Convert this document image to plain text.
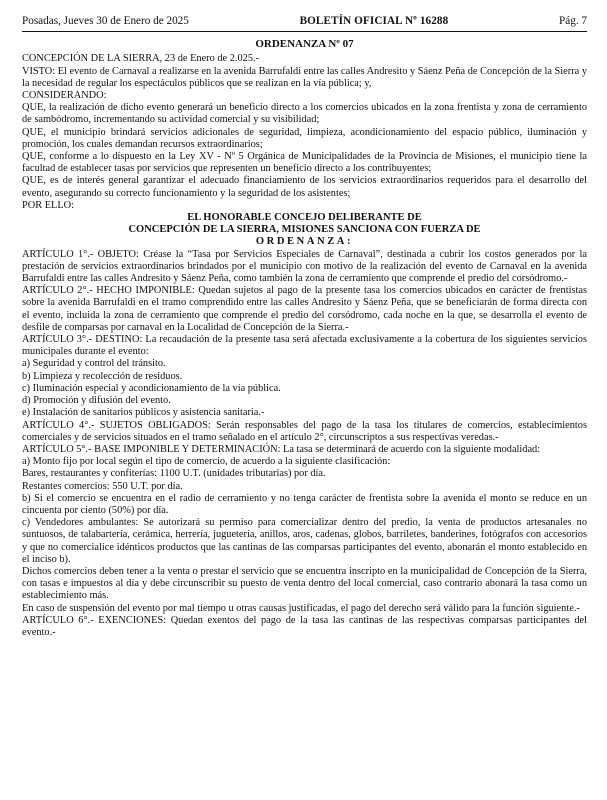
Posadas, Jueves 30 de Enero de 2025	BOLETÍN OFICIAL Nº 16288	Pág. 7
ORDENANZA Nº 07

CONCEPCIÓN DE LA SIERRA, 23 de Enero de 2.025.-

VISTO: El evento de Carnaval a realizarse en la avenida Barrufaldi entre las calles Andresito y Sáenz Peña de Concepción de la Sierra y la necesidad de regular los espectáculos públicos que se realizan en la vía pública; y,

CONSIDERANDO:

QUE, la realización de dicho evento generará un beneficio directo a los comercios ubicados en la zona frentista y zona de cerramiento de sambódromo, incrementando su actividad comercial y su visibilidad;

QUE, el municipio brindará servicios adicionales de seguridad, limpieza, acondicionamiento del espacio público, iluminación y promoción, los cuales demandan recursos extraordinarios;

QUE, conforme a lo dispuesto en la Ley XV - Nº 5 Orgánica de Municipalidades de la Provincia de Misiones, el municipio tiene la facultad de establecer tasas por servicios que representen un beneficio directo a los contribuyentes;

QUE, es de interés general garantizar el adecuado financiamiento de los servicios extraordinarios requeridos para el desarrollo del evento, asegurando su correcto funcionamiento y la seguridad de los asistentes;

POR ELLO:

EL HONORABLE CONCEJO DELIBERANTE DE

CONCEPCIÓN DE LA SIERRA, MISIONES SANCIONA CON FUERZA DE

ORDENANZA:

ARTÍCULO 1°.- OBJETO: Créase la “Tasa por Servicios Especiales de Carnaval”, destinada a cubrir los costos generados por la prestación de servicios extraordinarios brindados por el municipio con motivo de la realización del evento de Carnaval en la avenida Barrufaldi entre las calles Andresito y Sáenz Peña, como también la zona de cerramiento que comprende el predio del corsódromo.-

ARTÍCULO 2°.- HECHO IMPONIBLE: Quedan sujetos al pago de la presente tasa los comercios ubicados en carácter de frentistas sobre la avenida Barrufaldi en el tramo comprendido entre las calles Andresito y Sáenz Peña, que se beneficiarán de forma directa con el evento, incluida la zona de cerramiento que comprende el predio del corsódromo, cada noche en la que, se desarrolla el evento de desfile de comparsas por carnaval en la Localidad de Concepción de la Sierra.-

ARTÍCULO 3°.- DESTINO: La recaudación de la presente tasa será afectada exclusivamente a la cobertura de los siguientes servicios municipales durante el evento:

a) Seguridad y control del tránsito.

b) Limpieza y recolección de residuos.

c) Iluminación especial y acondicionamiento de la vía pública.

d) Promoción y difusión del evento.

e) Instalación de sanitarios públicos y asistencia sanitaria.-

ARTÍCULO 4°.- SUJETOS OBLIGADOS: Serán responsables del pago de la tasa los titulares de comercios, establecimientos comerciales y de servicios situados en el tramo señalado en el artículo 2°, circunscriptos a sus respectivas veredas.-

ARTÍCULO 5°.- BASE IMPONIBLE Y DETERMINACIÓN: La tasa se determinará de acuerdo con la siguiente modalidad:

a) Monto fijo por local según el tipo de comercio, de acuerdo a la siguiente clasificación:

Bares, restaurantes y confiterías: 1100 U.T. (unidades tributarias) por día.

Restantes comercios: 550 U.T. por día.

b) Si el comercio se encuentra en el radio de cerramiento y no tenga carácter de frentista sobre la avenida el monto se reduce en un cincuenta por ciento (50%) por día.

c) Vendedores ambulantes: Se autorizará su permiso para comercializar dentro del predio, la venta de productos artesanales no suntuosos, de talabartería, cerámica, herrería, juguetería, anillos, aros, cadenas, globos, barriletes, banderines, fotógrafos con accesorios y que no comercialice idénticos productos que las cantinas de las comparsas participantes del evento, abonarán el monto establecido en el inciso b).

Dichos comercios deben tener a la venta o prestar el servicio que se encuentra inscripto en la municipalidad de Concepción de la Sierra, con tasas e impuestos al día y debe circunscribir su puesto de venta dentro del local comercial, caso contrario abonará la tasa como un establecimiento más.

En caso de suspensión del evento por mal tiempo u otras causas justificadas, el pago del derecho será válido para la función siguiente.-

ARTÍCULO 6°.- EXENCIONES: Quedan exentos del pago de la tasa las cantinas de las respectivas comparsas participantes del evento.-
